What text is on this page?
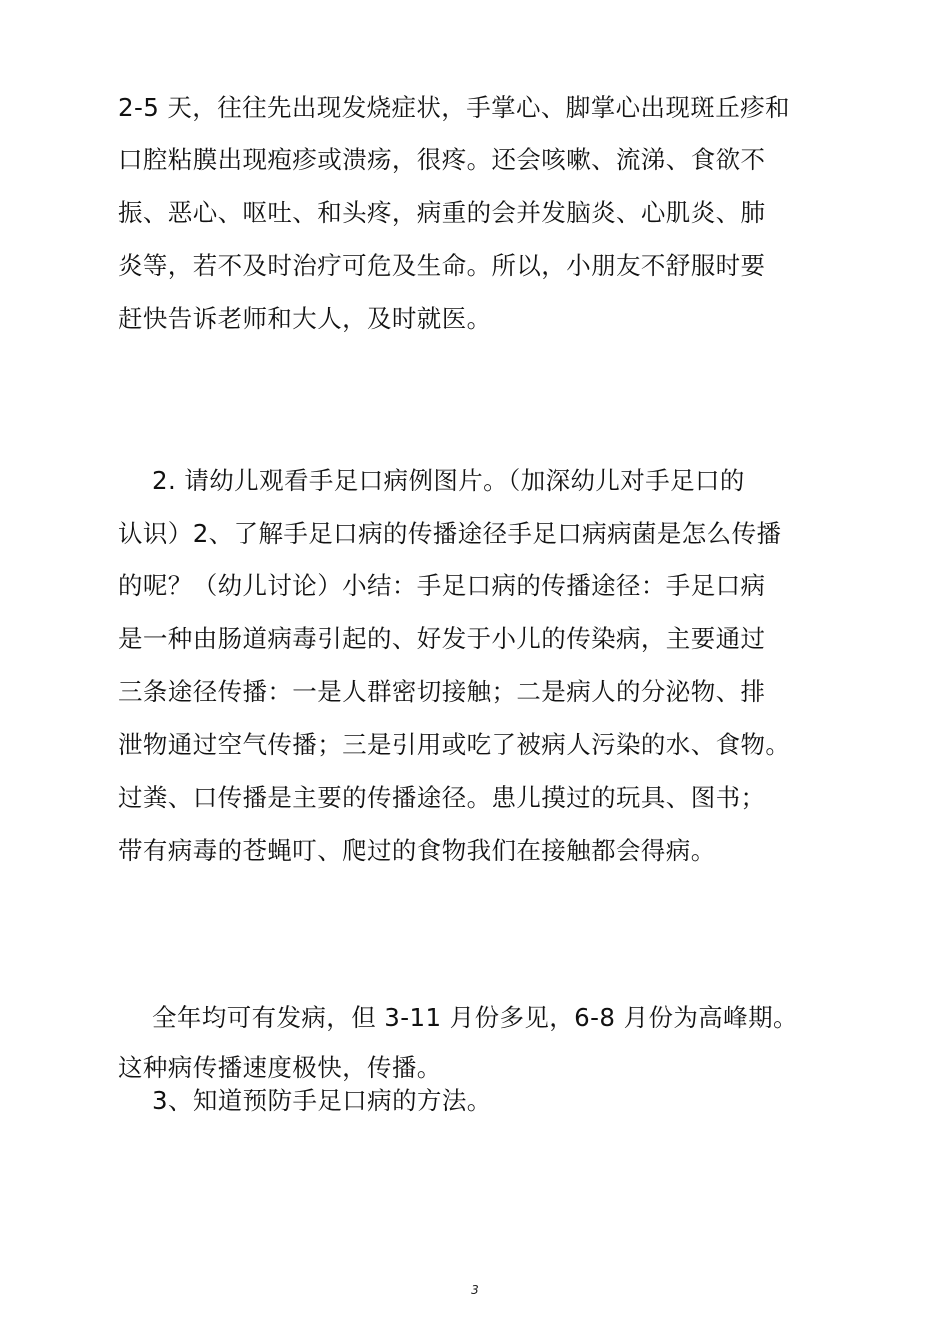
2-5 天，往往先出现发烧症状，手掌心、脚掌心出现斑丘疹和
口腔粘膜出现疱疹或溃疡，很疼。还会咳嗽、流涕、食欲不
振、恶心、呕吐、和头疼，病重的会并发脑炎、心肌炎、肺
炎等，若不及时治疗可危及生命。所以，小朋友不舒服时要
赶快告诉老师和大人，及时就医。
2. 请幼儿观看手足口病例图片。（加深幼儿对手足口的
认识）2、了解手足口病的传播途径手足口病病菌是怎么传播
的呢？（幼儿讨论）小结：手足口病的传播途径：手足口病
是一种由肠道病毒引起的、好发于小儿的传染病，主要通过
三条途径传播：一是人群密切接触；二是病人的分泌物、排
泄物通过空气传播；三是引用或吃了被病人污染的水、食物。
过粪、口传播是主要的传播途径。患儿摸过的玩具、图书；
带有病毒的苍蝇叮、爬过的食物我们在接触都会得病。
全年均可有发病，但 3-11 月份多见，6-8 月份为高峰期。
这种病传播速度极快，传播。
3、知道预防手足口病的方法。
3
